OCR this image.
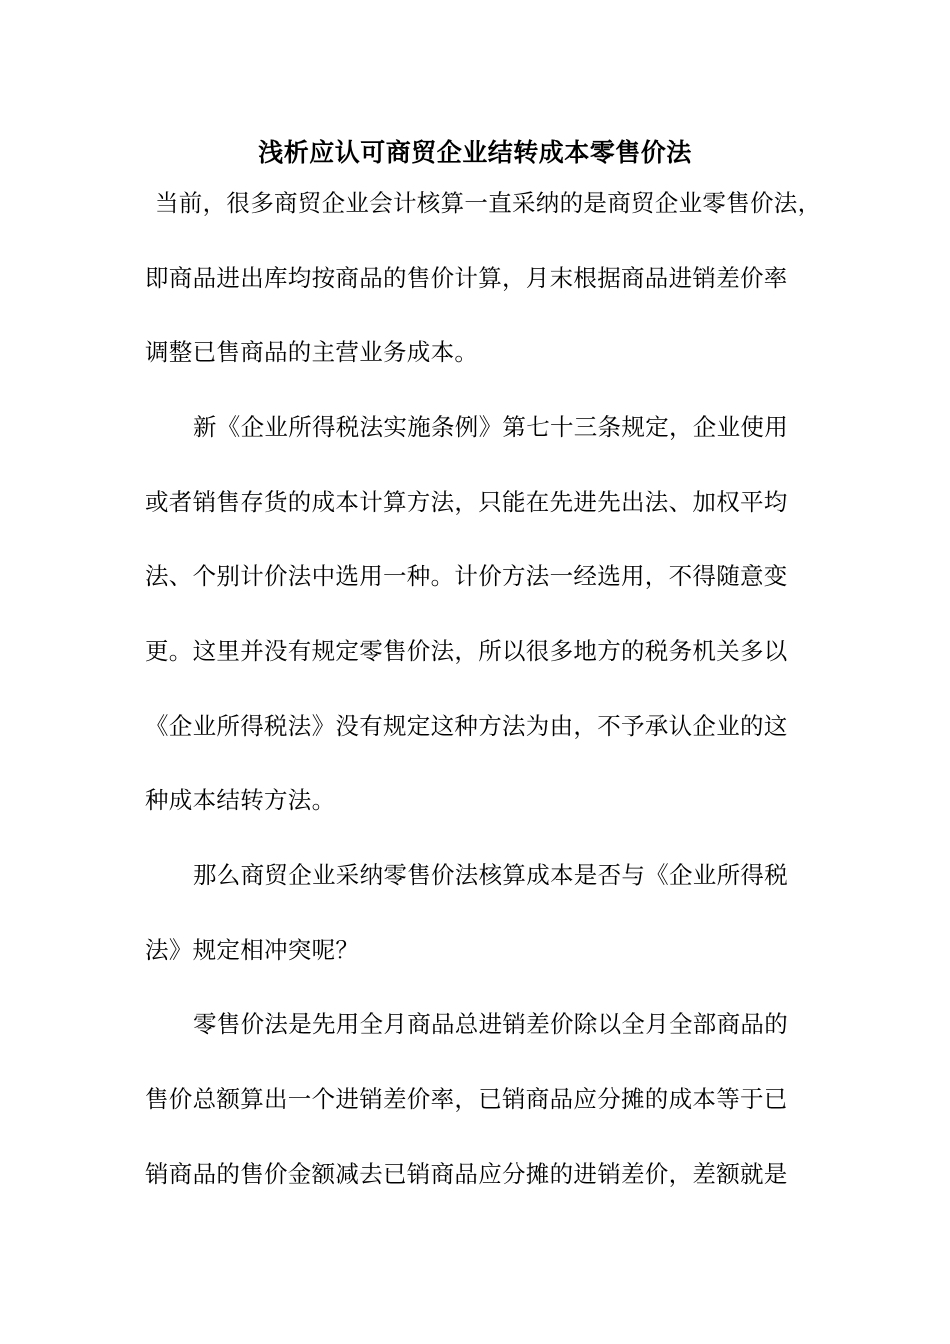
浅析应认可商贸企业结转成本零售价法
当前，很多商贸企业会计核算一直采纳的是商贸企业零售价法，
即商品进出库均按商品的售价计算，月末根据商品进销差价率
调整已售商品的主营业务成本。
新《企业所得税法实施条例》第七十三条规定，企业使用
或者销售存货的成本计算方法，只能在先进先出法、加权平均
法、个别计价法中选用一种。计价方法一经选用，不得随意变
更。这里并没有规定零售价法，所以很多地方的税务机关多以
《企业所得税法》没有规定这种方法为由，不予承认企业的这
种成本结转方法。
那么商贸企业采纳零售价法核算成本是否与《企业所得税
法》规定相冲突呢？
零售价法是先用全月商品总进销差价除以全月全部商品的
售价总额算出一个进销差价率，已销商品应分摊的成本等于已
销商品的售价金额减去已销商品应分摊的进销差价，差额就是
